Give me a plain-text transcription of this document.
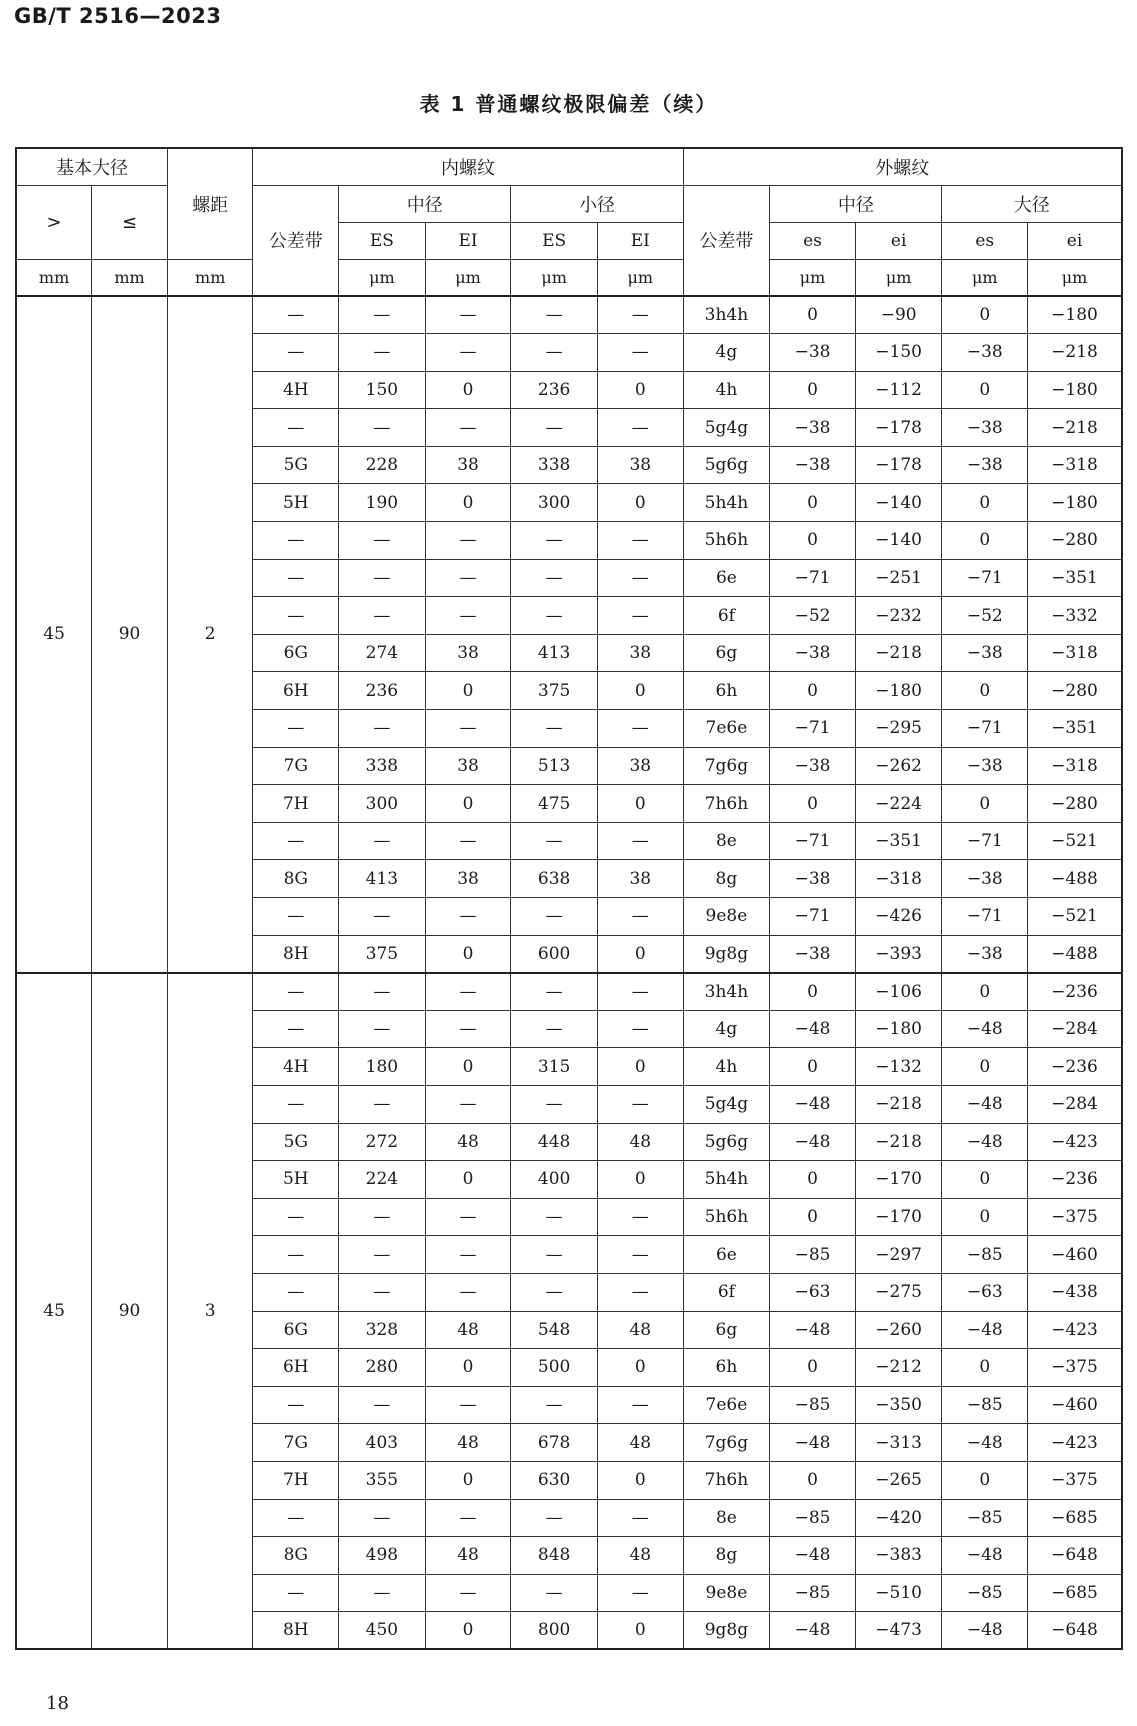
GB/T 2516—2023
表 1 普通螺纹极限偏差（续）
基本大径		螺距	内螺纹					外螺纹				
>	≤		公差带	中径		小径		公差带	中径		大径	
				ES	EI	ES	EI		es	ei	es	ei
mm	mm	mm		μm	μm	μm	μm		μm	μm	μm	μm
45	90	2	—	—	—	—	—	3h4h	0	−90	0	−180
			—	—	—	—	—	4g	−38	−150	−38	−218
			4H	150	0	236	0	4h	0	−112	0	−180
			—	—	—	—	—	5g4g	−38	−178	−38	−218
			5G	228	38	338	38	5g6g	−38	−178	−38	−318
			5H	190	0	300	0	5h4h	0	−140	0	−180
			—	—	—	—	—	5h6h	0	−140	0	−280
			—	—	—	—	—	6e	−71	−251	−71	−351
			—	—	—	—	—	6f	−52	−232	−52	−332
			6G	274	38	413	38	6g	−38	−218	−38	−318
			6H	236	0	375	0	6h	0	−180	0	−280
			—	—	—	—	—	7e6e	−71	−295	−71	−351
			7G	338	38	513	38	7g6g	−38	−262	−38	−318
			7H	300	0	475	0	7h6h	0	−224	0	−280
			—	—	—	—	—	8e	−71	−351	−71	−521
			8G	413	38	638	38	8g	−38	−318	−38	−488
			—	—	—	—	—	9e8e	−71	−426	−71	−521
			8H	375	0	600	0	9g8g	−38	−393	−38	−488
45	90	3	—	—	—	—	—	3h4h	0	−106	0	−236
			—	—	—	—	—	4g	−48	−180	−48	−284
			4H	180	0	315	0	4h	0	−132	0	−236
			—	—	—	—	—	5g4g	−48	−218	−48	−284
			5G	272	48	448	48	5g6g	−48	−218	−48	−423
			5H	224	0	400	0	5h4h	0	−170	0	−236
			—	—	—	—	—	5h6h	0	−170	0	−375
			—	—	—	—	—	6e	−85	−297	−85	−460
			—	—	—	—	—	6f	−63	−275	−63	−438
			6G	328	48	548	48	6g	−48	−260	−48	−423
			6H	280	0	500	0	6h	0	−212	0	−375
			—	—	—	—	—	7e6e	−85	−350	−85	−460
			7G	403	48	678	48	7g6g	−48	−313	−48	−423
			7H	355	0	630	0	7h6h	0	−265	0	−375
			—	—	—	—	—	8e	−85	−420	−85	−685
			8G	498	48	848	48	8g	−48	−383	−48	−648
			—	—	—	—	—	9e8e	−85	−510	−85	−685
			8H	450	0	800	0	9g8g	−48	−473	−48	−648
18
